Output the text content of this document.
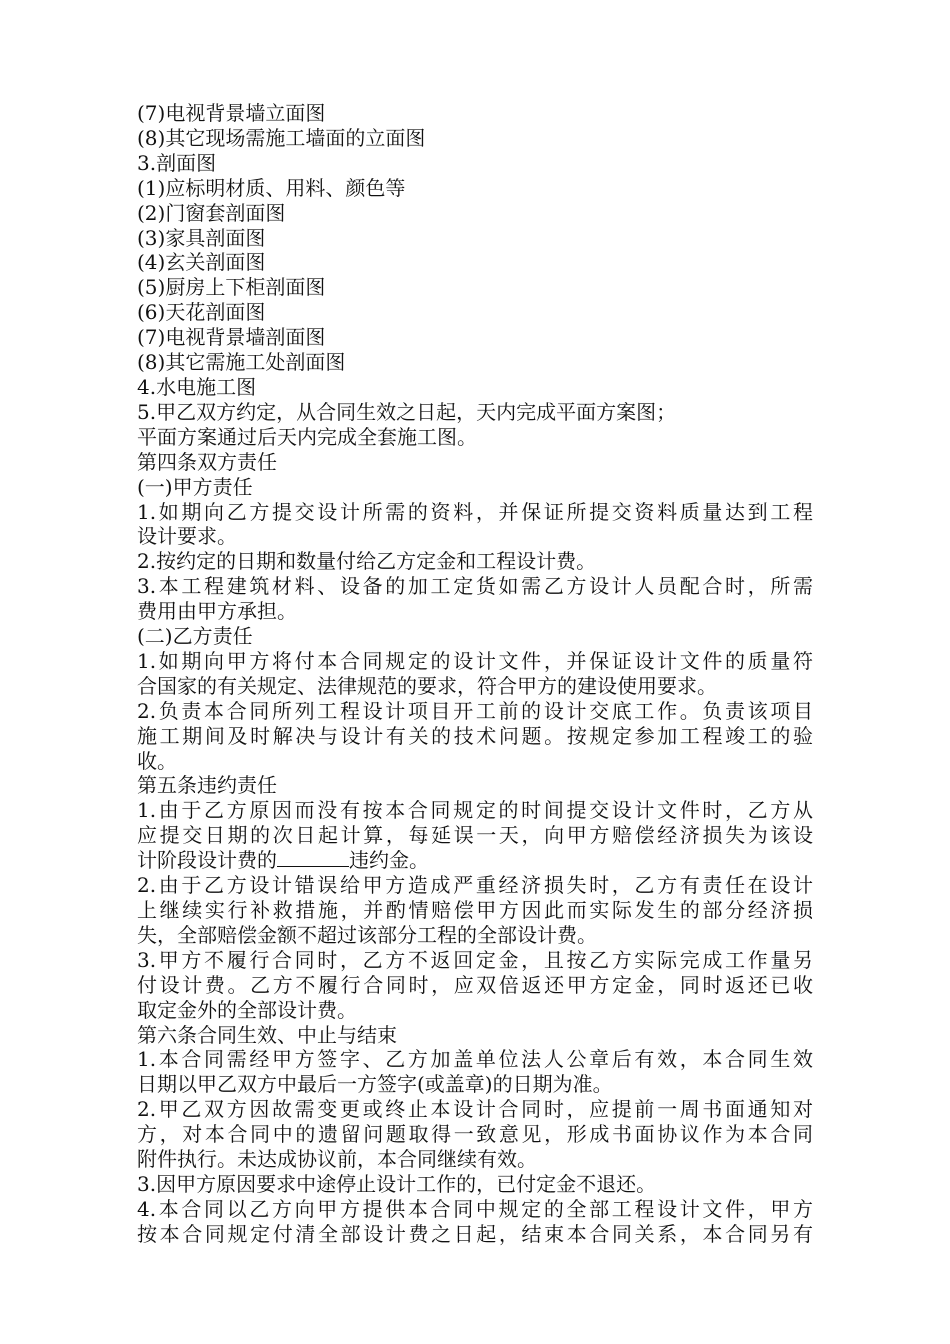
(7)电视背景墙立面图
(8)其它现场需施工墙面的立面图
3.剖面图
(1)应标明材质、用料、颜色等
(2)门窗套剖面图
(3)家具剖面图
(4)玄关剖面图
(5)厨房上下柜剖面图
(6)天花剖面图
(7)电视背景墙剖面图
(8)其它需施工处剖面图
4.水电施工图
5.甲乙双方约定，从合同生效之日起，天内完成平面方案图；
平面方案通过后天内完成全套施工图。
第四条双方责任
(一)甲方责任
1.如期向乙方提交设计所需的资料，并保证所提交资料质量达到工程
设计要求。
2.按约定的日期和数量付给乙方定金和工程设计费。
3.本工程建筑材料、设备的加工定货如需乙方设计人员配合时，所需
费用由甲方承担。
(二)乙方责任
1.如期向甲方将付本合同规定的设计文件，并保证设计文件的质量符
合国家的有关规定、法律规范的要求，符合甲方的建设使用要求。
2.负责本合同所列工程设计项目开工前的设计交底工作。负责该项目
施工期间及时解决与设计有关的技术问题。按规定参加工程竣工的验
收。
第五条违约责任
1.由于乙方原因而没有按本合同规定的时间提交设计文件时，乙方从
应提交日期的次日起计算，每延误一天，向甲方赔偿经济损失为该设
计阶段设计费的	违约金。
2.由于乙方设计错误给甲方造成严重经济损失时，乙方有责任在设计
上继续实行补救措施，并酌情赔偿甲方因此而实际发生的部分经济损
失，全部赔偿金额不超过该部分工程的全部设计费。
3.甲方不履行合同时，乙方不返回定金，且按乙方实际完成工作量另
付设计费。乙方不履行合同时，应双倍返还甲方定金，同时返还已收
取定金外的全部设计费。
第六条合同生效、中止与结束
1.本合同需经甲方签字、乙方加盖单位法人公章后有效，本合同生效
日期以甲乙双方中最后一方签字(或盖章)的日期为准。
2.甲乙双方因故需变更或终止本设计合同时，应提前一周书面通知对
方，对本合同中的遗留问题取得一致意见，形成书面协议作为本合同
附件执行。未达成协议前，本合同继续有效。
3.因甲方原因要求中途停止设计工作的，已付定金不退还。
4.本合同以乙方向甲方提供本合同中规定的全部工程设计文件，甲方
按本合同规定付清全部设计费之日起，结束本合同关系，本合同另有
